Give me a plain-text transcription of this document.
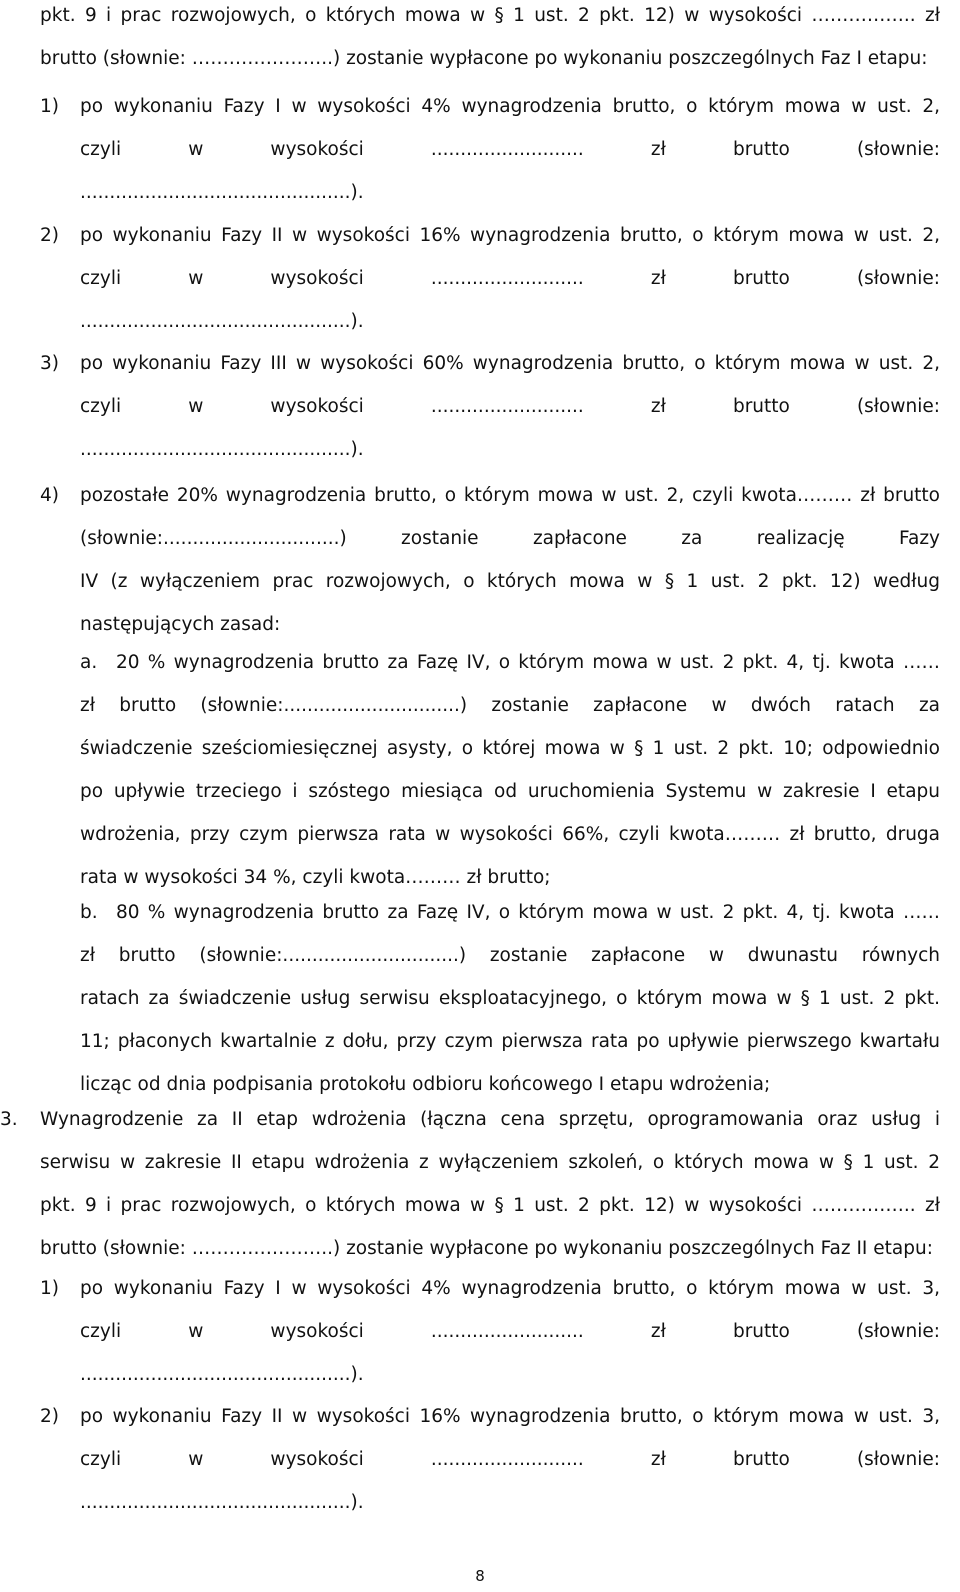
pkt. 9 i prac rozwojowych, o których mowa w § 1 ust. 2 pkt. 12) w wysokości …………….. zł

brutto (słownie: …………………..) zostanie wypłacone po wykonaniu poszczególnych Faz I etapu:

1) po wykonaniu Fazy I w wysokości 4% wynagrodzenia brutto, o którym mowa w ust. 2,

czyli w wysokości .......................... zł brutto (słownie:

..............................................).

2) po wykonaniu Fazy II w wysokości 16% wynagrodzenia brutto, o którym mowa w ust. 2,

czyli w wysokości .......................... zł brutto (słownie:

..............................................).

3) po wykonaniu Fazy III w wysokości 60% wynagrodzenia brutto, o którym mowa w ust. 2,

czyli w wysokości .......................... zł brutto (słownie:

..............................................).

4) pozostałe 20% wynagrodzenia brutto, o którym mowa w ust. 2, czyli kwota……… zł brutto

(słownie:..............................) zostanie zapłacone za realizację Fazy

IV (z wyłączeniem prac rozwojowych, o których mowa w § 1 ust. 2 pkt. 12) według

następujących zasad:

a. 20 % wynagrodzenia brutto za Fazę IV, o którym mowa w ust. 2 pkt. 4, tj. kwota ……

zł brutto (słownie:..............................) zostanie zapłacone w dwóch ratach za

świadczenie sześciomiesięcznej asysty, o której mowa w § 1 ust. 2 pkt. 10; odpowiednio

po upływie trzeciego i szóstego miesiąca od uruchomienia Systemu w zakresie I etapu

wdrożenia, przy czym pierwsza rata w wysokości 66%, czyli kwota……… zł brutto, druga

rata w wysokości 34 %, czyli kwota……… zł brutto;

b. 80 % wynagrodzenia brutto za Fazę IV, o którym mowa w ust. 2 pkt. 4, tj. kwota ……

zł brutto (słownie:..............................) zostanie zapłacone w dwunastu równych

ratach za świadczenie usług serwisu eksploatacyjnego, o którym mowa w § 1 ust. 2 pkt.

11; płaconych kwartalnie z dołu, przy czym pierwsza rata po upływie pierwszego kwartału

licząc od dnia podpisania protokołu odbioru końcowego I etapu wdrożenia;

3. Wynagrodzenie za II etap wdrożenia (łączna cena sprzętu, oprogramowania oraz usług i

serwisu w zakresie II etapu wdrożenia z wyłączeniem szkoleń, o których mowa w § 1 ust. 2

pkt. 9 i prac rozwojowych, o których mowa w § 1 ust. 2 pkt. 12) w wysokości …………….. zł

brutto (słownie: …………………..) zostanie wypłacone po wykonaniu poszczególnych Faz II etapu:

1) po wykonaniu Fazy I w wysokości 4% wynagrodzenia brutto, o którym mowa w ust. 3,

czyli w wysokości .......................... zł brutto (słownie:

..............................................).

2) po wykonaniu Fazy II w wysokości 16% wynagrodzenia brutto, o którym mowa w ust. 3,

czyli w wysokości .......................... zł brutto (słownie:

..............................................).

8
